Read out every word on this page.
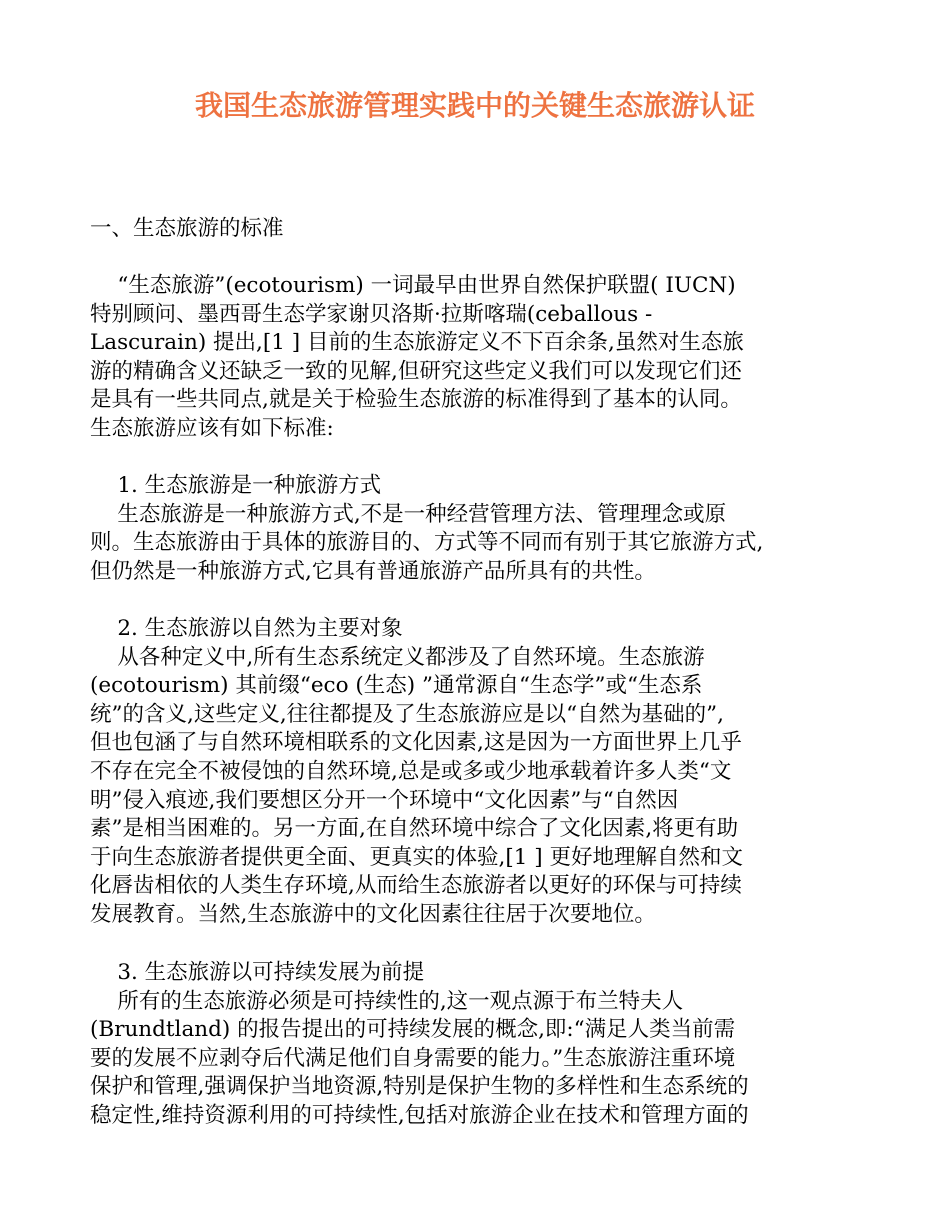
我国生态旅游管理实践中的关键生态旅游认证
一、生态旅游的标准
“生态旅游”(ecotourism) 一词最早由世界自然保护联盟( IUCN)
特别顾问、墨西哥生态学家谢贝洛斯·拉斯喀瑞(ceballous -
Lascurain) 提出,[1 ] 目前的生态旅游定义不下百余条,虽然对生态旅
游的精确含义还缺乏一致的见解,但研究这些定义我们可以发现它们还
是具有一些共同点,就是关于检验生态旅游的标准得到了基本的认同。
生态旅游应该有如下标准:
1. 生态旅游是一种旅游方式
生态旅游是一种旅游方式,不是一种经营管理方法、管理理念或原
则。生态旅游由于具体的旅游目的、方式等不同而有别于其它旅游方式,
但仍然是一种旅游方式,它具有普通旅游产品所具有的共性。
2. 生态旅游以自然为主要对象
从各种定义中,所有生态系统定义都涉及了自然环境。生态旅游
(ecotourism) 其前缀“eco (生态) ”通常源自“生态学”或“生态系
统”的含义,这些定义,往往都提及了生态旅游应是以“自然为基础的”,
但也包涵了与自然环境相联系的文化因素,这是因为一方面世界上几乎
不存在完全不被侵蚀的自然环境,总是或多或少地承载着许多人类“文
明”侵入痕迹,我们要想区分开一个环境中“文化因素”与“自然因
素”是相当困难的。另一方面,在自然环境中综合了文化因素,将更有助
于向生态旅游者提供更全面、更真实的体验,[1 ] 更好地理解自然和文
化唇齿相依的人类生存环境,从而给生态旅游者以更好的环保与可持续
发展教育。当然,生态旅游中的文化因素往往居于次要地位。
3. 生态旅游以可持续发展为前提
所有的生态旅游必须是可持续性的,这一观点源于布兰特夫人
(Brundtland) 的报告提出的可持续发展的概念,即:“满足人类当前需
要的发展不应剥夺后代满足他们自身需要的能力。”生态旅游注重环境
保护和管理,强调保护当地资源,特别是保护生物的多样性和生态系统的
稳定性,维持资源利用的可持续性,包括对旅游企业在技术和管理方面的
